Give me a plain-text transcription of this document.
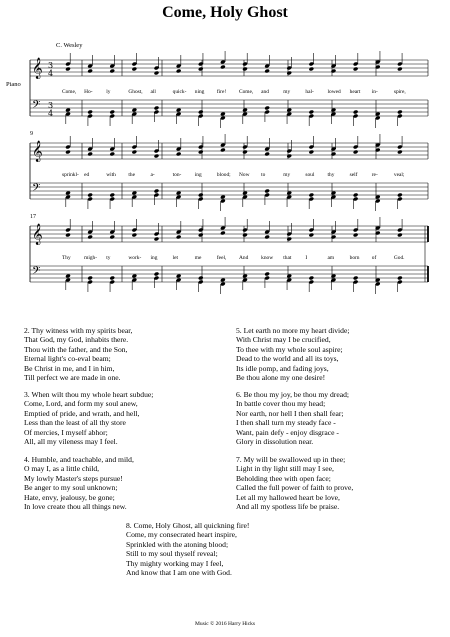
Come, Holy Ghost
C. Wesley
Piano
9
17
𝄞
𝄢
3
4
3
4
𝄞
𝄢
𝄞
𝄢
Come, Ho-	ly	Ghost, all	quick- ning fire! Come, and	my	hal-	lowed heart in-	spire,
sprinkl- ed	with the	a-	ton- ing	blood; Now to	my	soul thy	self	re-	veal;
Thy migh- ty	work- ing	let	me	feel, And know that	I	am	born of	God.
2. Thy witness with my spirits bear,
That God, my God, inhabits there.
Thou with the father, and the Son,
Eternal light's co-eval beam;
Be Christ in me, and I in him,
Till perfect we are made in one.
3. When wilt thou my whole heart subdue;
Come, Lord, and form my soul anew,
Emptied of pride, and wrath, and hell,
Less than the least of all thy store
Of mercies, I myself abhor;
All, all my vileness may I feel.
4. Humble, and teachable, and mild,
O may I, as a little child,
My lowly Master's steps pursue!
Be anger to my soul unknown;
Hate, envy, jealousy, be gone;
In love create thou all things new.
5. Let earth no more my heart divide;
With Christ may I be crucified,
To thee with my whole soul aspire;
Dead to the world and all its toys,
Its idle pomp, and fading joys,
Be thou alone my one desire!
6. Be thou my joy, be thou my dread;
In battle cover thou my head;
Nor earth, nor hell I then shall fear;
I then shall turn my steady face -
Want, pain defy - enjoy disgrace -
Glory in dissolution near.
7. My will be swallowed up in thee;
Light in thy light still may I see,
Beholding thee with open face;
Called the full power of faith to prove,
Let all my hallowed heart be love,
And all my spotless life be praise.
8. Come, Holy Ghost, all quickning fire!
Come, my consecrated heart inspire,
Sprinkled with the atoning blood;
Still to my soul thyself reveal;
Thy mighty working may I feel,
And know that I am one with God.
Music © 2016 Harry Hicks
